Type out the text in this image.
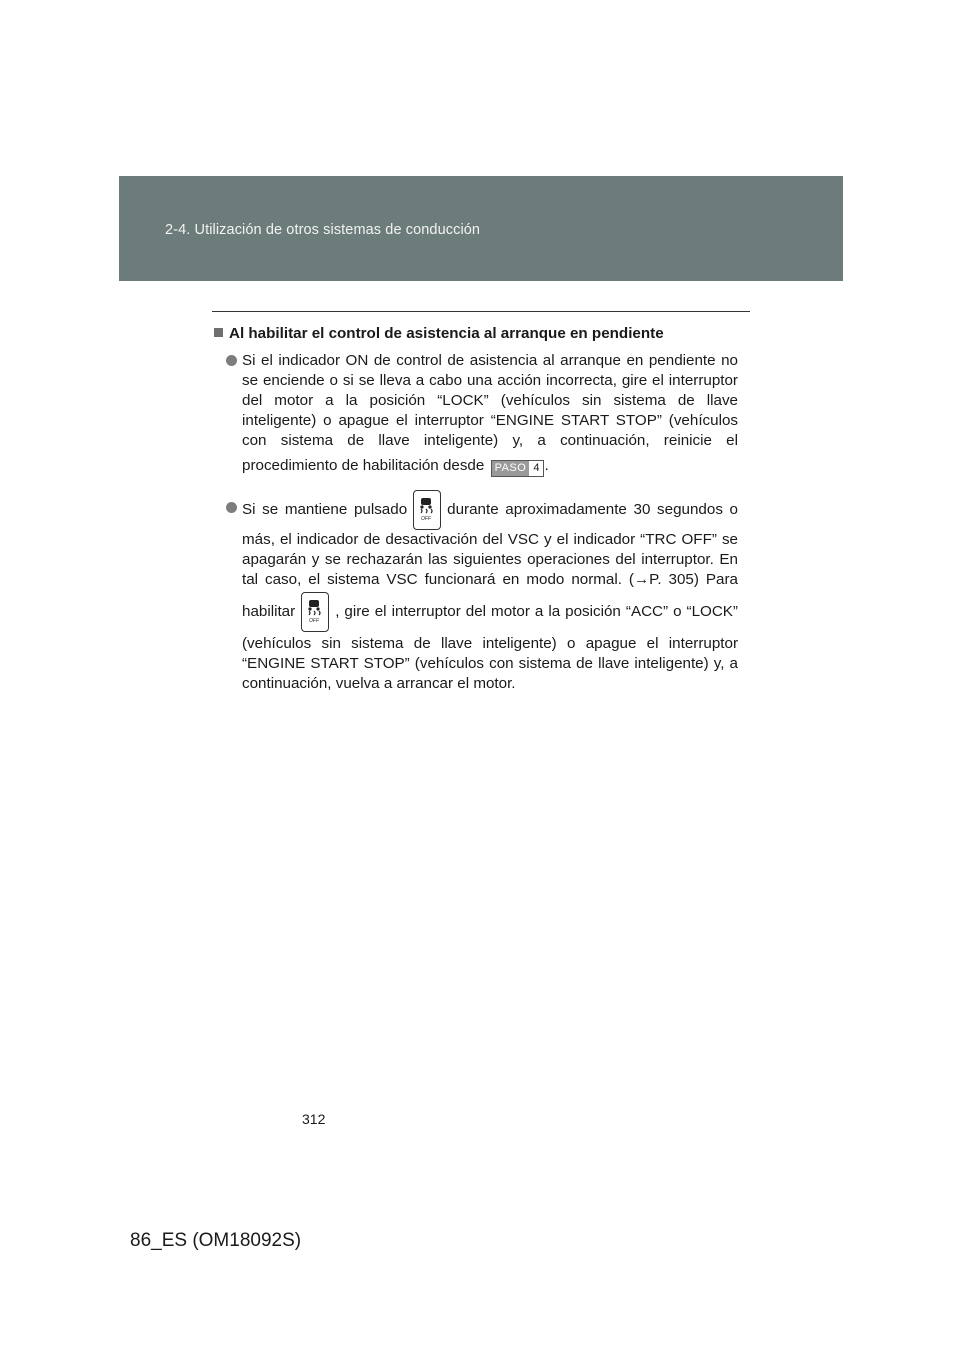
2-4. Utilización de otros sistemas de conducción
Al habilitar el control de asistencia al arranque en pendiente
Si el indicador ON de control de asistencia al arranque en pendiente no
se enciende o si se lleva a cabo una acción incorrecta, gire el interruptor
del motor a la posición “LOCK” (vehículos sin sistema de llave
inteligente) o apague el interruptor “ENGINE START STOP” (vehículos
con sistema de llave inteligente) y, a continuación, reinicie el
procedimiento de habilitación desde PASO 4 .
Si se mantiene pulsado
OFF
durante aproximadamente 30 segundos o
más, el indicador de desactivación del VSC y el indicador “TRC OFF” se
apagarán y se rechazarán las siguientes operaciones del interruptor. En
tal caso, el sistema VSC funcionará en modo normal. (→P. 305) Para
habilitar
OFF
, gire el interruptor del motor a la posición “ACC” o “LOCK”
(vehículos sin sistema de llave inteligente) o apague el interruptor
“ENGINE START STOP” (vehículos con sistema de llave inteligente) y, a
continuación, vuelva a arrancar el motor.
312
86_ES (OM18092S)
